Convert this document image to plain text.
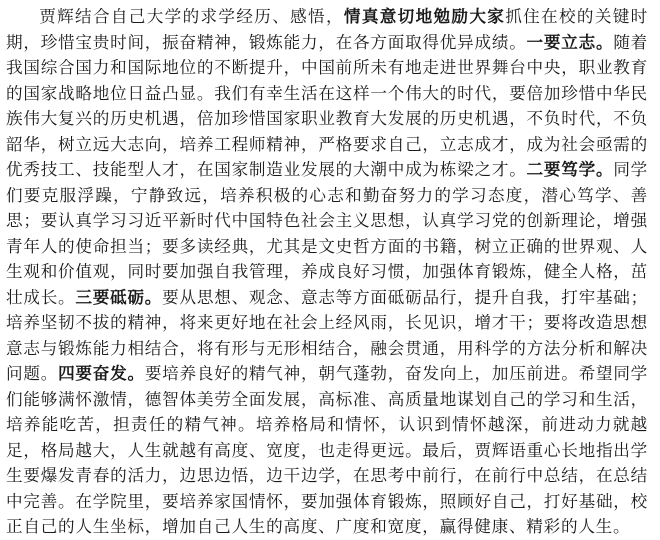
贾辉结合自己大学的求学经历、感悟，情真意切地勉励大家抓住在校的关键时期，珍惜宝贵时间，振奋精神，锻炼能力，在各方面取得优异成绩。一要立志。随着我国综合国力和国际地位的不断提升，中国前所未有地走进世界舞台中央，职业教育的国家战略地位日益凸显。我们有幸生活在这样一个伟大的时代，要倍加珍惜中华民族伟大复兴的历史机遇，倍加珍惜国家职业教育大发展的历史机遇，不负时代，不负韶华，树立远大志向，培养工程师精神，严格要求自己，立志成才，成为社会亟需的优秀技工、技能型人才，在国家制造业发展的大潮中成为栋梁之才。二要笃学。同学们要克服浮躁，宁静致远，培养积极的心志和勤奋努力的学习态度，潜心笃学、善思；要认真学习习近平新时代中国特色社会主义思想，认真学习党的创新理论，增强青年人的使命担当；要多读经典，尤其是文史哲方面的书籍，树立正确的世界观、人生观和价值观，同时要加强自我管理，养成良好习惯，加强体育锻炼，健全人格，茁壮成长。三要砥砺。要从思想、观念、意志等方面砥砺品行，提升自我，打牢基础；培养坚韧不拔的精神，将来更好地在社会上经风雨，长见识，增才干；要将改造思想意志与锻炼能力相结合，将有形与无形相结合，融会贯通，用科学的方法分析和解决问题。四要奋发。要培养良好的精气神，朝气蓬勃，奋发向上，加压前进。希望同学们能够满怀激情，德智体美劳全面发展，高标准、高质量地谋划自己的学习和生活，培养能吃苦，担责任的精气神。培养格局和情怀，认识到情怀越深，前进动力就越足，格局越大，人生就越有高度、宽度，也走得更远。最后，贾辉语重心长地指出学生要爆发青春的活力，边思边悟，边干边学，在思考中前行，在前行中总结，在总结中完善。在学院里，要培养家国情怀，要加强体育锻炼，照顾好自己，打好基础，校正自己的人生坐标，增加自己人生的高度、广度和宽度，赢得健康、精彩的人生。
